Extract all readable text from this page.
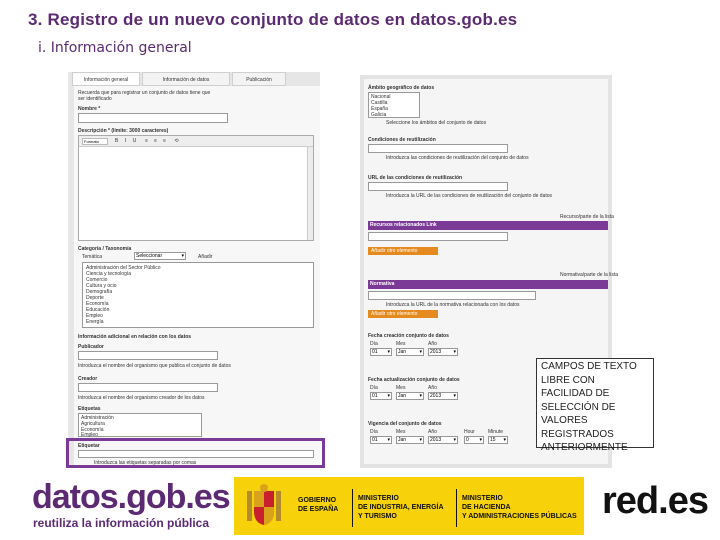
3. Registro de un nuevo conjunto de datos en datos.gob.es
i. Información general
Información general	Información de datos	Publicación
Recuerda que para registrar un conjunto de datos tiene que
ser identificado
Nombre *
Descripción * (límite: 3000 caracteres)
Formato	B	I	U	≡	≡	≡	⟲
Categoría / Taxonomía
Temática	Seleccionar ▾	Añadir
Administración del Sector Público
Ciencia y tecnología
Comercio
Cultura y ocio
Demografía
Deporte
Economía
Educación
Empleo
Energía
Información adicional en relación con los datos
Publicador
Introduzca el nombre del organismo que publica el conjunto de datos
Creador
Introduzca el nombre del organismo creador de los datos
Etiquetas
Administración
Agricultura
Economía
Empleo
Etiquetar
Introduzca las etiquetas separadas por comas
Ámbito geográfico de datos
Nacional
Castilla
España
Galicia
Seleccione los ámbitos del conjunto de datos
Condiciones de reutilización
Introduzca las condiciones de reutilización del conjunto de datos
URL de las condiciones de reutilización
Introduzca la URL de las condiciones de reutilización del conjunto de datos
Recurso/parte de la lista
Recursos relacionados Link
Añadir otro elemento
Normativa/parte de la lista
Normativa
Introduzca la URL de la normativa relacionada con los datos
Añadir otro elemento
Fecha creación conjunto de datos
Día	Mes	Año
01 ▾	Jan ▾	2013 ▾
Fecha actualización conjunto de datos
Día	Mes	Año
01 ▾	Jan ▾	2013 ▾
Vigencia del conjunto de datos
Día	Mes	Año	Hour	Minute
01 ▾	Jan ▾	2013 ▾	0 ▾	15 ▾
CAMPOS DE TEXTO LIBRE CON FACILIDAD DE SELECCIÓN DE VALORES REGISTRADOS ANTERIORMENTE
datos.gob.es
reutiliza la información pública
GOBIERNO
DE ESPAÑA
MINISTERIO
DE INDUSTRIA, ENERGÍA
Y TURISMO
MINISTERIO
DE HACIENDA
Y ADMINISTRACIONES PÚBLICAS red.es
